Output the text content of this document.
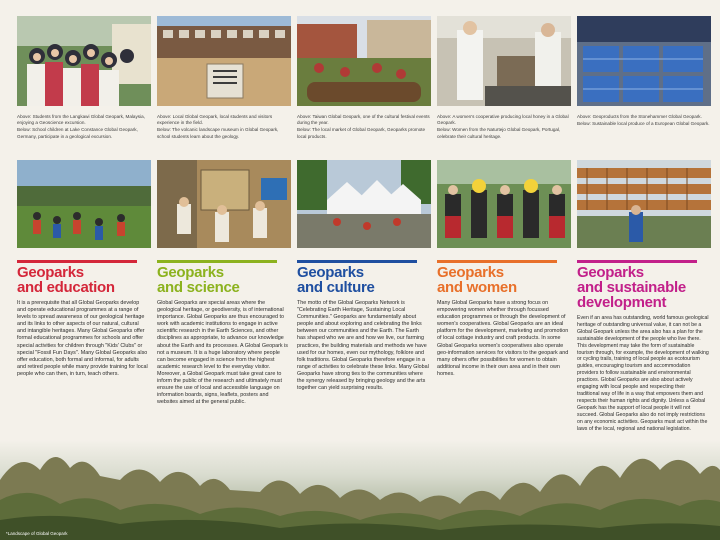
Above: Students from the Langkawi Global Geopark, Malaysia, enjoying a Geoscience excursion.
Below: School children at Lake Constance Global Geopark, Germany, participate in a geological excursion.
Above: Local Global Geopark, local students and visitors experience in the field.
Below: The volcanic landscape museum in Global Geopark, school students learn about the geology.
Above: Taiwan Global Geopark, one of the cultural festival events during the year.
Below: The local market of Global Geopark, Geoparks promote local products.
Above: A women's cooperative producing local honey in a Global Geopark.
Below: Women from the Naturtejo Global Geopark, Portugal, celebrate their cultural heritage.
Above: Geoproducts from the Stonehammer Global Geopark.
Below: Sustainable local produce of a European Global Geopark.
Geoparks
and education
It is a prerequisite that all Global Geoparks develop and operate educational programmes at a range of levels to spread awareness of our geological heritage and its links to other aspects of our natural, cultural and intangible heritages. Many Global Geoparks offer formal educational programmes for schools and offer special activities for children through "Kids' Clubs" or special "Fossil Fun Days". Many Global Geoparks also offer education, both formal and informal, for adults and retired people while many provide training for local people who can then, in turn, teach others.
Geoparks
and science
Global Geoparks are special areas where the geological heritage, or geodiversity, is of international importance. Global Geoparks are thus encouraged to work with academic institutions to engage in active scientific research in the Earth Sciences, and other disciplines as appropriate, to advance our knowledge about the Earth and its processes. A Global Geopark is not a museum. It is a huge laboratory where people can become engaged in science from the highest academic research level to the everyday visitor. Moreover, a Global Geopark must take great care to inform the public of the research and ultimately must ensure the use of local and accessible language on information boards, signs, leaflets, posters and websites aimed at the general public.
Geoparks
and culture
The motto of the Global Geoparks Network is "Celebrating Earth Heritage, Sustaining Local Communities." Geoparks are fundamentally about people and about exploring and celebrating the links between our communities and the Earth. The Earth has shaped who we are and how we live, our farming practices, the building materials and methods we have used for our homes, even our mythology, folklore and folk traditions. Global Geoparks therefore engage in a range of activities to celebrate these links. Many Global Geoparks have strong ties to the communities where the synergy released by bringing geology and the arts together can yield surprising results.
Geoparks
and women
Many Global Geoparks have a strong focus on empowering women whether through focussed education programmes or through the development of women's cooperatives. Global Geoparks are an ideal platform for the development, marketing and promotion of local cottage industry and craft products. In some Global Geoparks women's cooperatives also operate geo-information services for visitors to the geopark and many others offer possibilities for women to obtain additional income in their own area and in their own homes.
Geoparks
and sustainable
development
Even if an area has outstanding, world famous geological heritage of outstanding universal value, it can not be a Global Geopark unless the area also has a plan for the sustainable development of the people who live there. This development may take the form of sustainable tourism through, for example, the development of walking or cycling trails, training of local people as ecotourism guides, encouraging tourism and accommodation providers to follow sustainable and environmental practices. Global Geoparks are also about actively engaging with local people and respecting their traditional way of life in a way that empowers them and respects their human rights and dignity. Unless a Global Geopark has the support of local people it will not succeed. Global Geoparks also do not imply restrictions on any economic activities. Geoparks must act within the laws of the local, regional and national legislation.
*Landscape of Global Geopark
